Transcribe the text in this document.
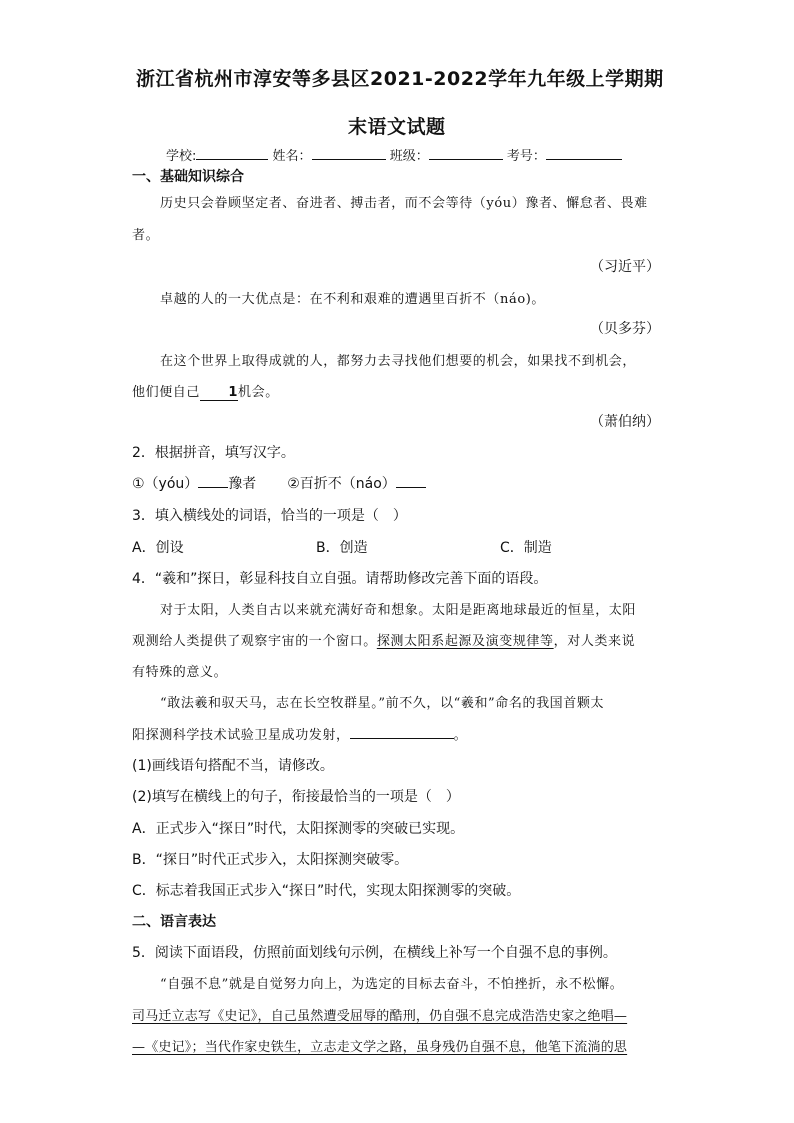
浙江省杭州市淳安等多县区2021-2022学年九年级上学期期
末语文试题
学校:	姓名：	班级：	考号：
一、基础知识综合
历史只会眷顾坚定者、奋进者、搏击者，而不会等待（yóu）豫者、懈怠者、畏难
者。
（习近平）
卓越的人的一大优点是：在不利和艰难的遭遇里百折不（náo)。
（贝多芬）
在这个世界上取得成就的人，都努力去寻找他们想要的机会，如果找不到机会，
他们便自己 1机会。
（萧伯纳）
2．根据拼音，填写汉字。
①（yóu） 豫者 ②百折不（náo）
3．填入横线处的词语，恰当的一项是（　）
A．创设	B．创造	C．制造
4．“羲和”探日，彰显科技自立自强。请帮助修改完善下面的语段。
对于太阳，人类自古以来就充满好奇和想象。太阳是距离地球最近的恒星，太阳
观测给人类提供了观察宇宙的一个窗口。探测太阳系起源及演变规律等，对人类来说
有特殊的意义。
“敢法羲和驭天马，志在长空牧群星。”前不久，以“羲和”命名的我国首颗太
阳探测科学技术试验卫星成功发射，	。
(1)画线语句搭配不当，请修改。
(2)填写在横线上的句子，衔接最恰当的一项是（　）
A．正式步入“探日”时代，太阳探测零的突破已实现。
B．“探日”时代正式步入，太阳探测突破零。
C．标志着我国正式步入“探日”时代，实现太阳探测零的突破。
二、语言表达
5．阅读下面语段，仿照前面划线句示例，在横线上补写一个自强不息的事例。
“自强不息”就是自觉努力向上，为选定的目标去奋斗，不怕挫折，永不松懈。
司马迁立志写《史记》，自己虽然遭受屈辱的酷刑，仍自强不息完成浩浩史家之绝唱—
—《史记》；当代作家史铁生，立志走文学之路，虽身残仍自强不息，他笔下流淌的思
